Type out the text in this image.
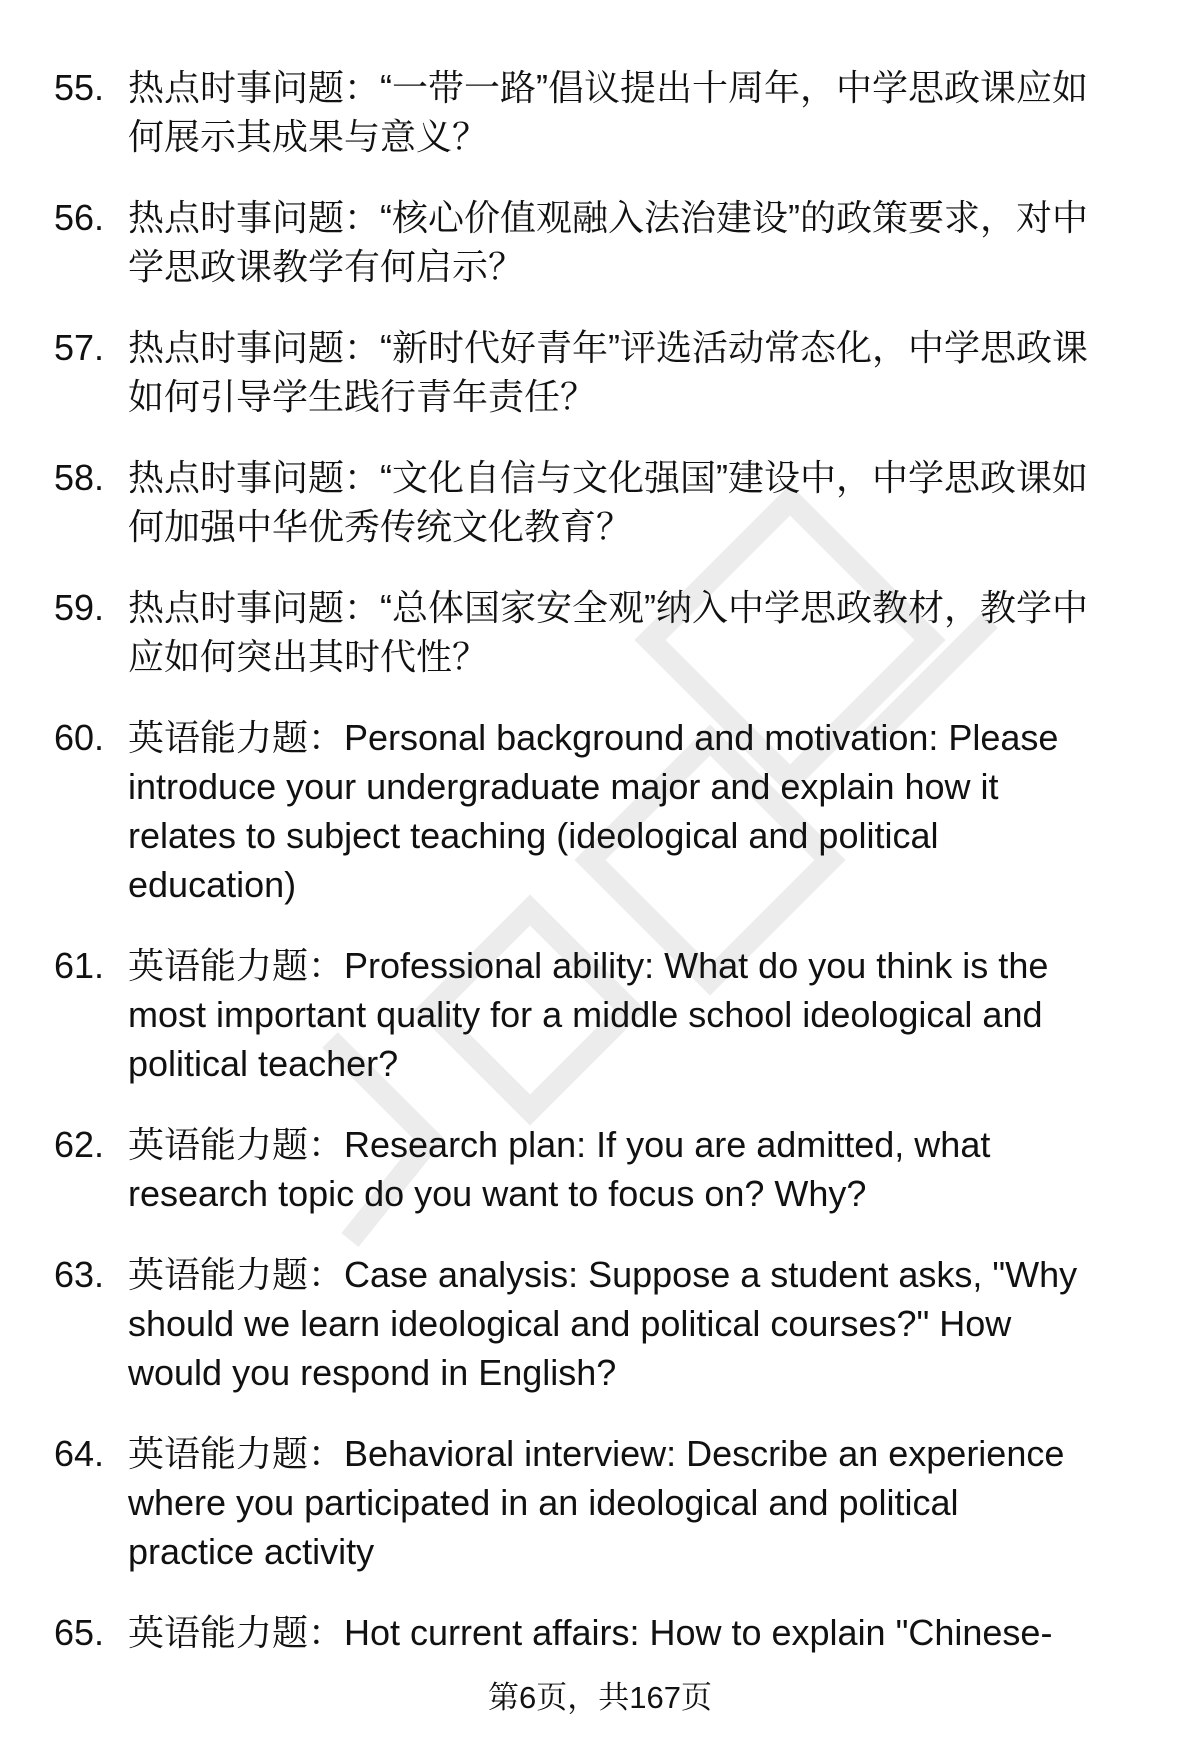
55. 热点时事问题：“一带一路”倡议提出十周年，中学思政课应如
何展示其成果与意义？
56. 热点时事问题：“核心价值观融入法治建设”的政策要求，对中
学思政课教学有何启示？
57. 热点时事问题：“新时代好青年”评选活动常态化，中学思政课
如何引导学生践行青年责任？
58. 热点时事问题：“文化自信与文化强国”建设中，中学思政课如
何加强中华优秀传统文化教育？
59. 热点时事问题：“总体国家安全观”纳入中学思政教材，教学中
应如何突出其时代性？
60. 英语能力题：Personal background and motivation: Please
introduce your undergraduate major and explain how it
relates to subject teaching (ideological and political
education)
61. 英语能力题：Professional ability: What do you think is the
most important quality for a middle school ideological and
political teacher?
62. 英语能力题：Research plan: If you are admitted, what
research topic do you want to focus on? Why?
63. 英语能力题：Case analysis: Suppose a student asks, "Why
should we learn ideological and political courses?" How
would you respond in English?
64. 英语能力题：Behavioral interview: Describe an experience
where you participated in an ideological and political
practice activity
65. 英语能力题：Hot current affairs: How to explain "Chinese-
第6页，共167页
